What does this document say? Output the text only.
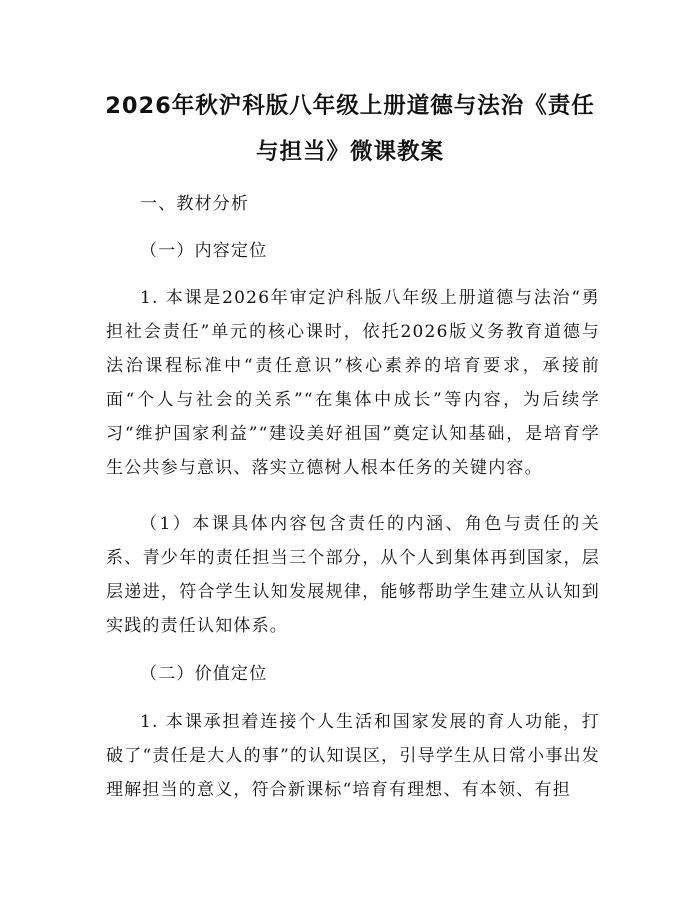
2026年秋沪科版八年级上册道德与法治《责任与担当》微课教案

一、教材分析

（一）内容定位

1. 本课是2026年审定沪科版八年级上册道德与法治“勇担社会责任”单元的核心课时，依托2026版义务教育道德与法治课程标准中“责任意识”核心素养的培育要求，承接前面“个人与社会的关系”“在集体中成长”等内容，为后续学习“维护国家利益”“建设美好祖国”奠定认知基础，是培育学生公共参与意识、落实立德树人根本任务的关键内容。

（1）本课具体内容包含责任的内涵、角色与责任的关系、青少年的责任担当三个部分，从个人到集体再到国家，层层递进，符合学生认知发展规律，能够帮助学生建立从认知到实践的责任认知体系。

（二）价值定位

1. 本课承担着连接个人生活和国家发展的育人功能，打破了“责任是大人的事”的认知误区，引导学生从日常小事出发理解担当的意义，符合新课标“培育有理想、有本领、有担
